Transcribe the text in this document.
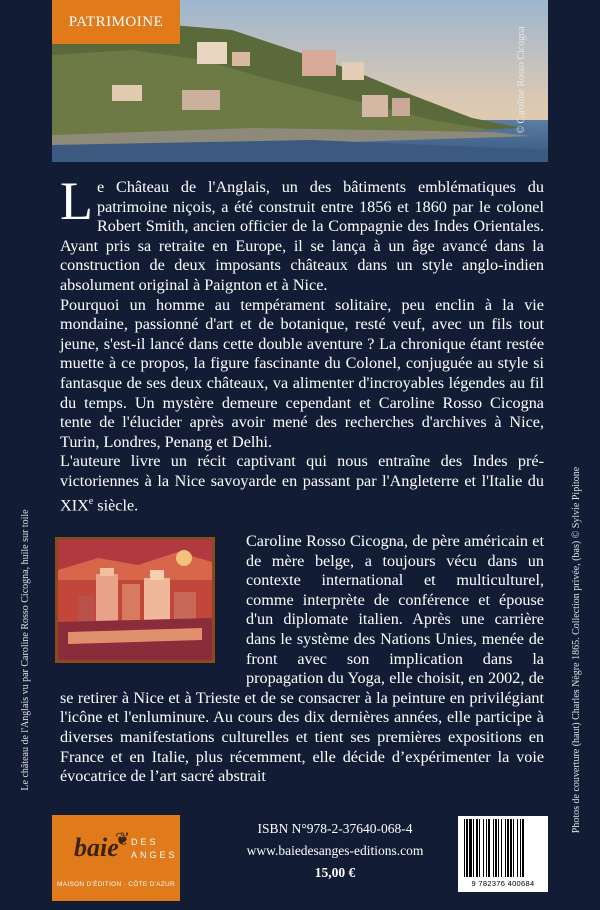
PATRIMOINE
© Caroline Rosso Cicogna
L e Château de l'Anglais, un des bâtiments emblématiques du patrimoine niçois, a été construit entre 1856 et 1860 par le colonel Robert Smith, ancien officier de la Compagnie des Indes Orientales. Ayant pris sa retraite en Europe, il se lança à un âge avancé dans la construction de deux imposants châteaux dans un style anglo-indien absolument original à Paignton et à Nice.
Pourquoi un homme au tempérament solitaire, peu enclin à la vie mondaine, passionné d'art et de botanique, resté veuf, avec un fils tout jeune, s'est-il lancé dans cette double aventure ? La chronique étant restée muette à ce propos, la figure fascinante du Colonel, conjuguée au style si fantasque de ses deux châteaux, va alimenter d'incroyables légendes au fil du temps. Un mystère demeure cependant et Caroline Rosso Cicogna tente de l'élucider après avoir mené des recherches d'archives à Nice, Turin, Londres, Penang et Delhi.
L'auteure livre un récit captivant qui nous entraîne des Indes pré-victoriennes à la Nice savoyarde en passant par l'Angleterre et l'Italie du XIXe siècle.
Caroline Rosso Cicogna, de père américain et de mère belge, a toujours vécu dans un contexte international et multiculturel, comme interprète de conférence et épouse d'un diplomate italien. Après une carrière dans le système des Nations Unies, menée de front avec son implication dans la propagation du Yoga, elle choisit, en 2002, de se retirer à Nice et à Trieste et de se consacrer à la peinture en privilégiant l'icône et l'enluminure. Au cours des dix dernières années, elle participe à diverses manifestations culturelles et tient ses premières expositions en France et en Italie, plus récemment, elle décide d’expérimenter la voie évocatrice de l’art sacré abstrait
Le château de l'Anglais vu par Caroline Rosso Cicogna, huile sur toile	Photos de couverture (haut) Charles Nègre 1865. Collection privée, (bas) © Sylvie Pipitone
baie
❦ DES
ANGES
MAISON D'ÉDITION · CÔTE D'AZUR
ISBN N°978-2-37640-068-4
www.baiedesanges-editions.com
15,00 €
9 782376 400684
